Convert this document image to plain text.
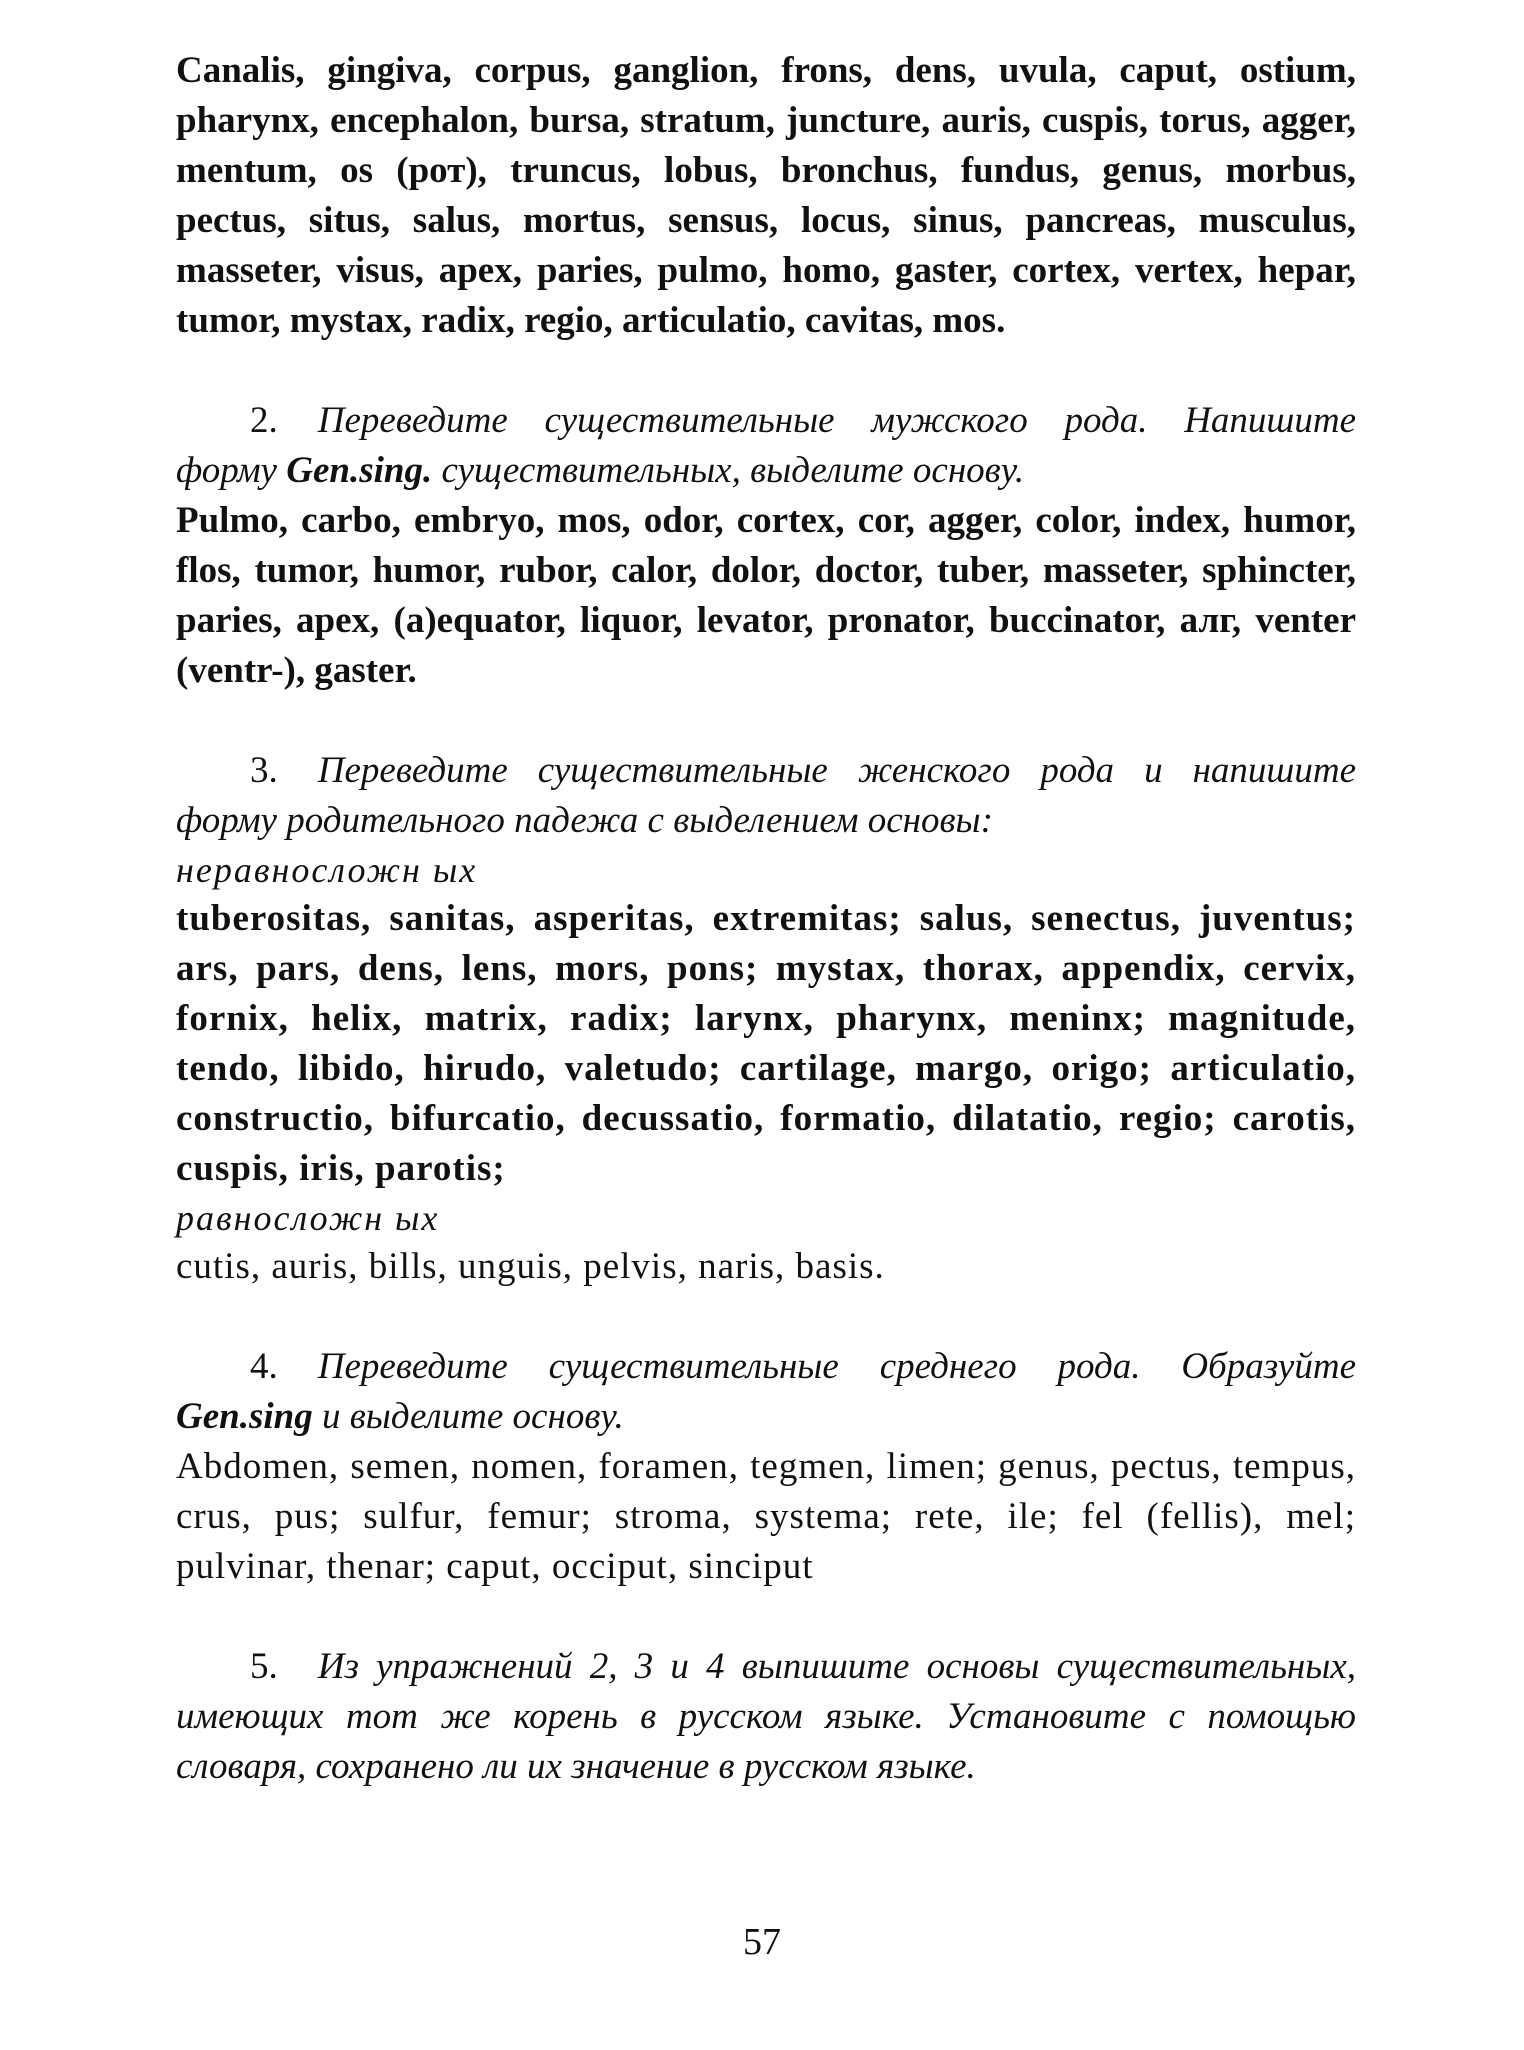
Canalis, gingiva, corpus, ganglion, frons, dens, uvula, caput, ostium, pharynx, encephalon, bursa, stratum, juncture, auris, cuspis, torus, agger, mentum, os (рот), truncus, lobus, bronchus, fundus, genus, morbus, pectus, situs, salus, mortus, sensus, locus, sinus, pancreas, musculus, masseter, visus, apex, paries, pulmo, homo, gaster, cortex, vertex, hepar, tumor, mystax, radix, regio, articulatio, cavitas, mos.

2. Переведите существительные мужского рода. Напишите форму Gen.sing. существительных, выделите основу.

Pulmo, carbo, embryo, mos, odor, cortex, cor, agger, color, index, humor, flos, tumor, humor, rubor, calor, dolor, doctor, tuber, masseter, sphincter, paries, apex, (a)equator, liquor, levator, pronator, buccinator, алг, venter (ventr-), gaster.

3. Переведите существительные женского рода и напишите форму родительного падежа с выделением основы:

неравносложн ых

tuberositas, sanitas, asperitas, extremitas; salus, senectus, juventus; ars, pars, dens, lens, mors, pons; mystax, thorax, appendix, cervix, fornix, helix, matrix, radix; larynx, pharynx, meninx; magnitude, tendo, libido, hirudo, valetudo; cartilage, margo, origo; articulatio, constructio, bifurcatio, decussatio, formatio, dilatatio, regio; carotis, cuspis, iris, parotis;

равносложн ых

cutis, auris, bills, unguis, pelvis, naris, basis.

4. Переведите существительные среднего рода. Образуйте Gen.sing и выделите основу.

Abdomen, semen, nomen, foramen, tegmen, limen; genus, pectus, tempus, crus, pus; sulfur, femur; stroma, systema; rete, ile; fel (fellis), mel; pulvinar, thenar; caput, occiput, sinciput

5. Из упражнений 2, 3 и 4 выпишите основы существительных, имеющих тот же корень в русском языке. Установите с помощью словаря, сохранено ли их значение в русском языке.

57
